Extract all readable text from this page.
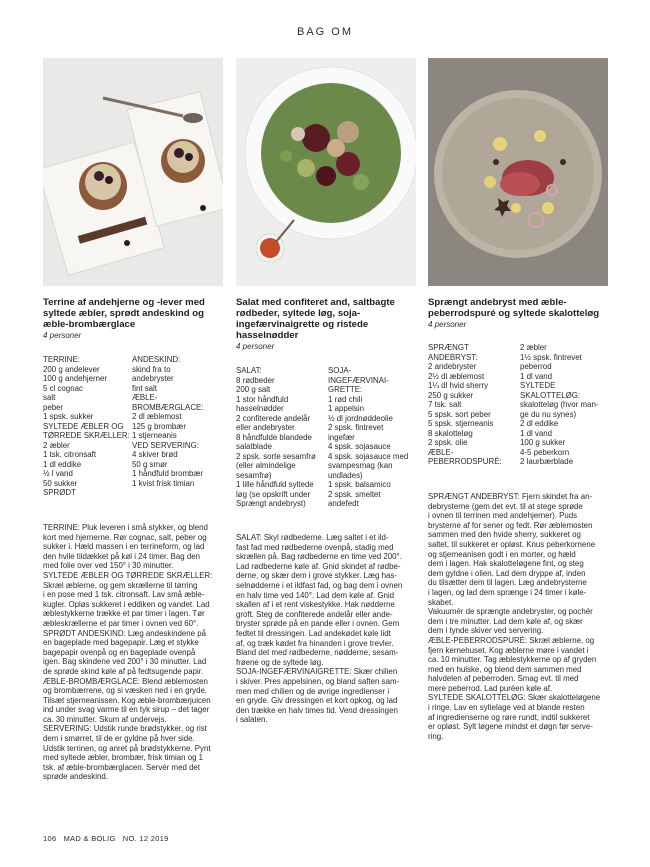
BAG OM
Terrine af andehjerne og -lever med
syltede æbler, sprødt andeskind og
æble-brombærglace
4 personer
TERRINE:
200 g andelever
100 g andehjerner
5 cl cognac
salt
peber
1 spsk. sukker
SYLTEDE ÆBLER OG
TØRREDE SKRÆLLER:
2 æbler
1 tsk. citronsaft
1 dl eddike
½ l vand
50 sukker
SPRØDT
ANDESKIND:
skind fra to
andebryster
fint salt
ÆBLE-
BROMBÆRGLACE:
2 dl æblemost
125 g brombær
1 stjerneanis
VED SERVERING:
4 skiver brød
50 g smør
1 håndfuld brombær
1 kvist frisk timian
TERRINE: Pluk leveren i små stykker, og blend
kort med hjernerne. Rør cognac, salt, peber og
sukker i. Hæld massen i en terrineform, og lad
den hvile tildækket på køl i 24 timer. Bag den
med folie over ved 150° i 30 minutter.
SYLTEDE ÆBLER OG TØRREDE SKRÆLLER:
Skræl æblerne, og gem skrællerne til tørring
i en pose med 1 tsk. citronsaft. Lav små æble-
kugler. Opløs sukkeret i eddiken og vandet. Lad
æblestykkerne trække et par timer i lagen. Tør
æbleskrællerne et par timer i ovnen ved 60°.
SPRØDT ANDESKIND: Læg andeskindene på
en bageplade med bagepapir. Læg et stykke
bagepapir ovenpå og en bageplade ovenpå
igen. Bag skindene ved 200° i 30 minutter. Lad
de sprøde skind køle af på fedtsugende papir.
ÆBLE-BROMBÆRGLACE: Blend æblemosten
og brombærrene, og si væsken ned i en gryde.
Tilsæt stjerneanissen. Kog æble-brombærjuicen
ind under svag varme til en tyk sirup – det tager
ca. 30 minutter. Skum af undervejs.
SERVERING: Udstik runde brødstykker, og rist
dem i smørret, til de er gyldne på hver side.
Udstik terrinen, og anret på brødstykkerne. Pynt
med syltede æbler, brombær, frisk timian og 1
tsk. af æble-brombærglacen. Servér med det
sprøde andeskind.
Salat med confiteret and, saltbagte
rødbeder, syltede løg, soja-
ingefærvinaigrette og ristede
hasselnødder
4 personer
SALAT:
8 rødbeder
200 g salt
1 stor håndfuld
hasselnødder
2 confiterede andelår
eller andebryster
8 håndfulde blandede
salatblade
2 spsk. sorte sesamfrø
(eller almindelige
sesamfrø)
1 lille håndfuld syltede
løg (se opskrift under
Sprængt andebryst)
SOJA-
INGEFÆRVINAI-
GRETTE:
1 rød chili
1 appelsin
½ dl jordnøddeolie
2 spsk. fintrevet
ingefær
4 spsk. sojasauce
4 spsk. sojasauce med
svampesmag (kan
undlades)
1 spsk. balsamico
2 spsk. smeltet
andefedt
SALAT: Skyl rødbederne. Læg saltet i et ild-
fast fad med rødbederne ovenpå, stadig med
skrællen på. Bag rødbederne en time ved 200°.
Lad rødbederne køle af. Gnid skindet af rødbe-
derne, og skær dem i grove stykker. Læg has-
selnødderne i et ildfast fad, og bag dem i ovnen
en halv time ved 140°. Lad dem køle af. Gnid
skallen af i et rent viskestykke. Hak nødderne
groft. Steg de confiterede andelår eller ande-
bryster sprøde på en pande eller i ovnen. Gem
fedtet til dressingen. Lad andekødet køle lidt
af, og træk kødet fra hinanden i grove trevler.
Bland det med rødbederne, nødderne, sesam-
frøene og de syltede løg.
SOJA-INGEFÆRVINAIGRETTE: Skær chilien
i skiver. Pres appelsinen, og bland saften sam-
men med chilien og de øvrige ingredienser i
en gryde. Giv dressingen et kort opkog, og lad
den trække en halv times tid. Vend dressingen
i salaten.
Sprængt andebryst med æble-
peberrodspuré og syltede skalotteløg
4 personer
SPRÆNGT
ANDEBRYST:
2 andebryster
2½ dl æblemost
1¼ dl hvid sherry
250 g sukker
7 tsk. salt
5 spsk. sort peber
5 spsk. stjerneanis
8 skalotteløg
2 spsk. olie
ÆBLE-
PEBERRODSPURÉ:
2 æbler
1½ spsk. fintrevet
peberrod
1 dl vand
SYLTEDE
SKALOTTELØG:
skalotteløg (hvor man-
ge du nu synes)
2 dl eddike
1 dl vand
100 g sukker
4-5 peberkorn
2 laurbærblade
SPRÆNGT ANDEBRYST: Fjern skindet fra an-
debrysterne (gem det evt. til at stege sprøde
i ovnen til terrinen med andehjerner). Puds
brysterne af for sener og fedt. Rør æblemosten
sammen med den hvide sherry, sukkeret og
saltet, til sukkeret er opløst. Knus peberkornene
og stjerneanisen godt i en morter, og hæld
dem i lagen. Hak skalotteløgene fint, og steg
dem gyldne i olien. Lad dem dryppe af, inden
du tilsætter dem til lagen. Læg andebrysterne
i lagen, og lad dem sprænge i 24 timer i køle-
skabet.
Vakuumér de sprængte andebryster, og pochér
dem i tre minutter. Lad dem køle af, og skær
dem i tynde skiver ved servering.
ÆBLE-PEBERRODSPURÉ: Skræl æblerne, og
fjern kernehuset. Kog æblerne møre i vandet i
ca. 10 minutter. Tag æblestykkerne op af gryden
med en hulske, og blend dem sammen med
halvdelen af peberroden. Smag evt. til med
mere peberrod. Lad puréen køle af.
SYLTEDE SKALOTTELØG: Skær skalotteløgene
i ringe. Lav en syltelage ved at blande resten
af ingredienserne og røre rundt, indtil sukkeret
er opløst. Sylt løgene mindst et døgn før serve-
ring.
106   MAD & BOLIG   NO. 12 2019
